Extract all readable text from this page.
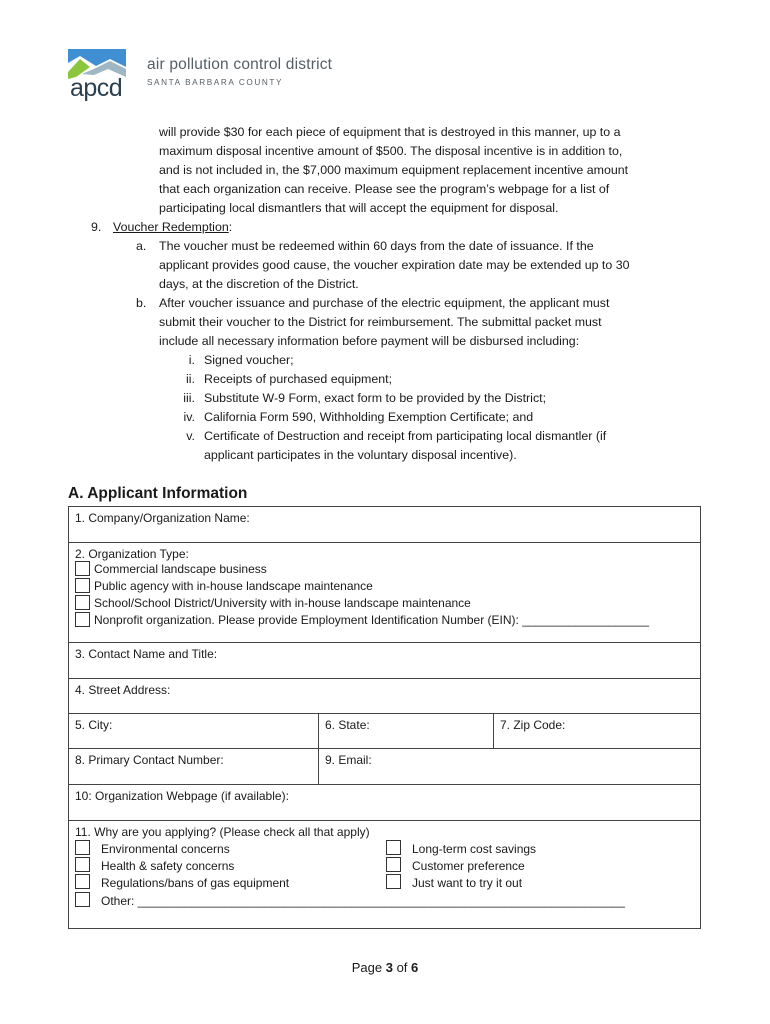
apcd
air pollution control district
SANTA BARBARA COUNTY
will provide $30 for each piece of equipment that is destroyed in this manner, up to a
maximum disposal incentive amount of $500. The disposal incentive is in addition to,
and is not included in, the $7,000 maximum equipment replacement incentive amount
that each organization can receive. Please see the program’s webpage for a list of
participating local dismantlers that will accept the equipment for disposal.
9. Voucher Redemption:
a. The voucher must be redeemed within 60 days from the date of issuance. If the
applicant provides good cause, the voucher expiration date may be extended up to 30
days, at the discretion of the District.
b. After voucher issuance and purchase of the electric equipment, the applicant must
submit their voucher to the District for reimbursement. The submittal packet must
include all necessary information before payment will be disbursed including:
i. Signed voucher;
ii. Receipts of purchased equipment;
iii. Substitute W-9 Form, exact form to be provided by the District;
iv. California Form 590, Withholding Exemption Certificate; and
v. Certificate of Destruction and receipt from participating local dismantler (if
applicant participates in the voluntary disposal incentive).
A. Applicant Information
1. Company/Organization Name:
2. Organization Type:
Commercial landscape business
Public agency with in-house landscape maintenance
School/School District/University with in-house landscape maintenance
Nonprofit organization. Please provide Employment Identification Number (EIN): ___________________
3. Contact Name and Title:
4. Street Address:
5. City:	6. State:	7. Zip Code:
8. Primary Contact Number:	9. Email:
10: Organization Webpage (if available):
11. Why are you applying? (Please check all that apply)
Environmental concerns
Health & safety concerns
Regulations/bans of gas equipment
Other: _________________________________________________________________________
Long-term cost savings
Customer preference
Just want to try it out
Page 3 of 6
